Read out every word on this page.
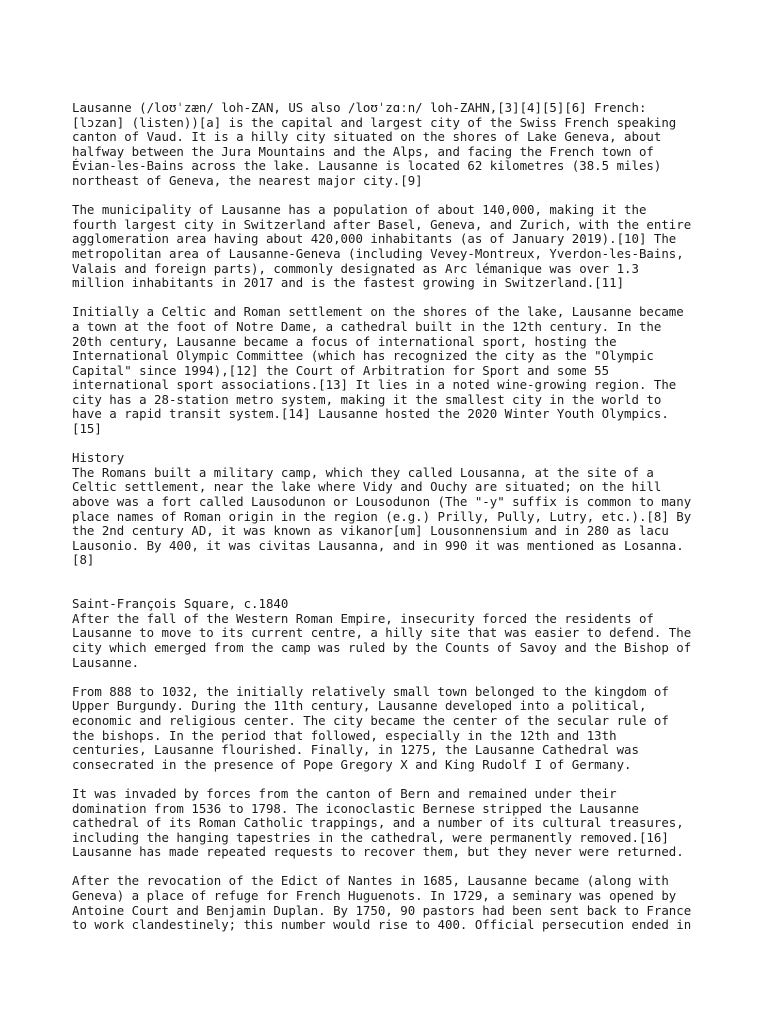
Lausanne (/loʊˈzæn/ loh-ZAN, US also /loʊˈzɑːn/ loh-ZAHN,[3][4][5][6] French:
[lɔzan] (listen))[a] is the capital and largest city of the Swiss French speaking
canton of Vaud. It is a hilly city situated on the shores of Lake Geneva, about
halfway between the Jura Mountains and the Alps, and facing the French town of
Évian-les-Bains across the lake. Lausanne is located 62 kilometres (38.5 miles)
northeast of Geneva, the nearest major city.[9]
The municipality of Lausanne has a population of about 140,000, making it the
fourth largest city in Switzerland after Basel, Geneva, and Zurich, with the entire
agglomeration area having about 420,000 inhabitants (as of January 2019).[10] The
metropolitan area of Lausanne-Geneva (including Vevey-Montreux, Yverdon-les-Bains,
Valais and foreign parts), commonly designated as Arc lémanique was over 1.3
million inhabitants in 2017 and is the fastest growing in Switzerland.[11]
Initially a Celtic and Roman settlement on the shores of the lake, Lausanne became
a town at the foot of Notre Dame, a cathedral built in the 12th century. In the
20th century, Lausanne became a focus of international sport, hosting the
International Olympic Committee (which has recognized the city as the "Olympic
Capital" since 1994),[12] the Court of Arbitration for Sport and some 55
international sport associations.[13] It lies in a noted wine-growing region. The
city has a 28-station metro system, making it the smallest city in the world to
have a rapid transit system.[14] Lausanne hosted the 2020 Winter Youth Olympics.
[15]
History
The Romans built a military camp, which they called Lousanna, at the site of a
Celtic settlement, near the lake where Vidy and Ouchy are situated; on the hill
above was a fort called Lausodunon or Lousodunon (The "-y" suffix is common to many
place names of Roman origin in the region (e.g.) Prilly, Pully, Lutry, etc.).[8] By
the 2nd century AD, it was known as vikanor[um] Lousonnensium and in 280 as lacu
Lausonio. By 400, it was civitas Lausanna, and in 990 it was mentioned as Losanna.
[8]
Saint-François Square, c.1840
After the fall of the Western Roman Empire, insecurity forced the residents of
Lausanne to move to its current centre, a hilly site that was easier to defend. The
city which emerged from the camp was ruled by the Counts of Savoy and the Bishop of
Lausanne.
From 888 to 1032, the initially relatively small town belonged to the kingdom of
Upper Burgundy. During the 11th century, Lausanne developed into a political,
economic and religious center. The city became the center of the secular rule of
the bishops. In the period that followed, especially in the 12th and 13th
centuries, Lausanne flourished. Finally, in 1275, the Lausanne Cathedral was
consecrated in the presence of Pope Gregory X and King Rudolf I of Germany.
It was invaded by forces from the canton of Bern and remained under their
domination from 1536 to 1798. The iconoclastic Bernese stripped the Lausanne
cathedral of its Roman Catholic trappings, and a number of its cultural treasures,
including the hanging tapestries in the cathedral, were permanently removed.[16]
Lausanne has made repeated requests to recover them, but they never were returned.
After the revocation of the Edict of Nantes in 1685, Lausanne became (along with
Geneva) a place of refuge for French Huguenots. In 1729, a seminary was opened by
Antoine Court and Benjamin Duplan. By 1750, 90 pastors had been sent back to France
to work clandestinely; this number would rise to 400. Official persecution ended in
